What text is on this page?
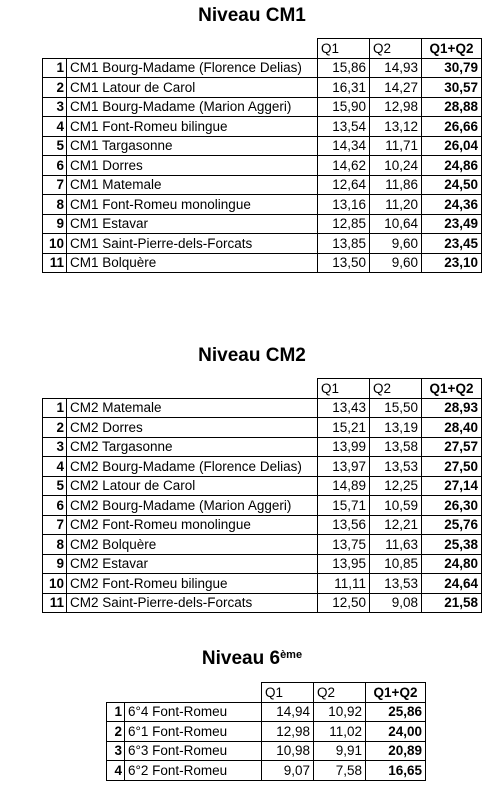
Niveau CM1
		Q1	Q2	Q1+Q2
1	CM1 Bourg-Madame (Florence Delias)	15,86	14,93	30,79
2	CM1 Latour de Carol	16,31	14,27	30,57
3	CM1 Bourg-Madame (Marion Aggeri)	15,90	12,98	28,88
4	CM1 Font-Romeu bilingue	13,54	13,12	26,66
5	CM1 Targasonne	14,34	11,71	26,04
6	CM1 Dorres	14,62	10,24	24,86
7	CM1 Matemale	12,64	11,86	24,50
8	CM1 Font-Romeu monolingue	13,16	11,20	24,36
9	CM1 Estavar	12,85	10,64	23,49
10	CM1 Saint-Pierre-dels-Forcats	13,85	9,60	23,45
11	CM1 Bolquère	13,50	9,60	23,10
Niveau CM2
		Q1	Q2	Q1+Q2
1	CM2 Matemale	13,43	15,50	28,93
2	CM2 Dorres	15,21	13,19	28,40
3	CM2 Targasonne	13,99	13,58	27,57
4	CM2 Bourg-Madame (Florence Delias)	13,97	13,53	27,50
5	CM2 Latour de Carol	14,89	12,25	27,14
6	CM2 Bourg-Madame (Marion Aggeri)	15,71	10,59	26,30
7	CM2 Font-Romeu monolingue	13,56	12,21	25,76
8	CM2 Bolquère	13,75	11,63	25,38
9	CM2 Estavar	13,95	10,85	24,80
10	CM2 Font-Romeu bilingue	11,11	13,53	24,64
11	CM2 Saint-Pierre-dels-Forcats	12,50	9,08	21,58
Niveau 6ème
		Q1	Q2	Q1+Q2
1	6°4 Font-Romeu	14,94	10,92	25,86
2	6°1 Font-Romeu	12,98	11,02	24,00
3	6°3 Font-Romeu	10,98	9,91	20,89
4	6°2 Font-Romeu	9,07	7,58	16,65
